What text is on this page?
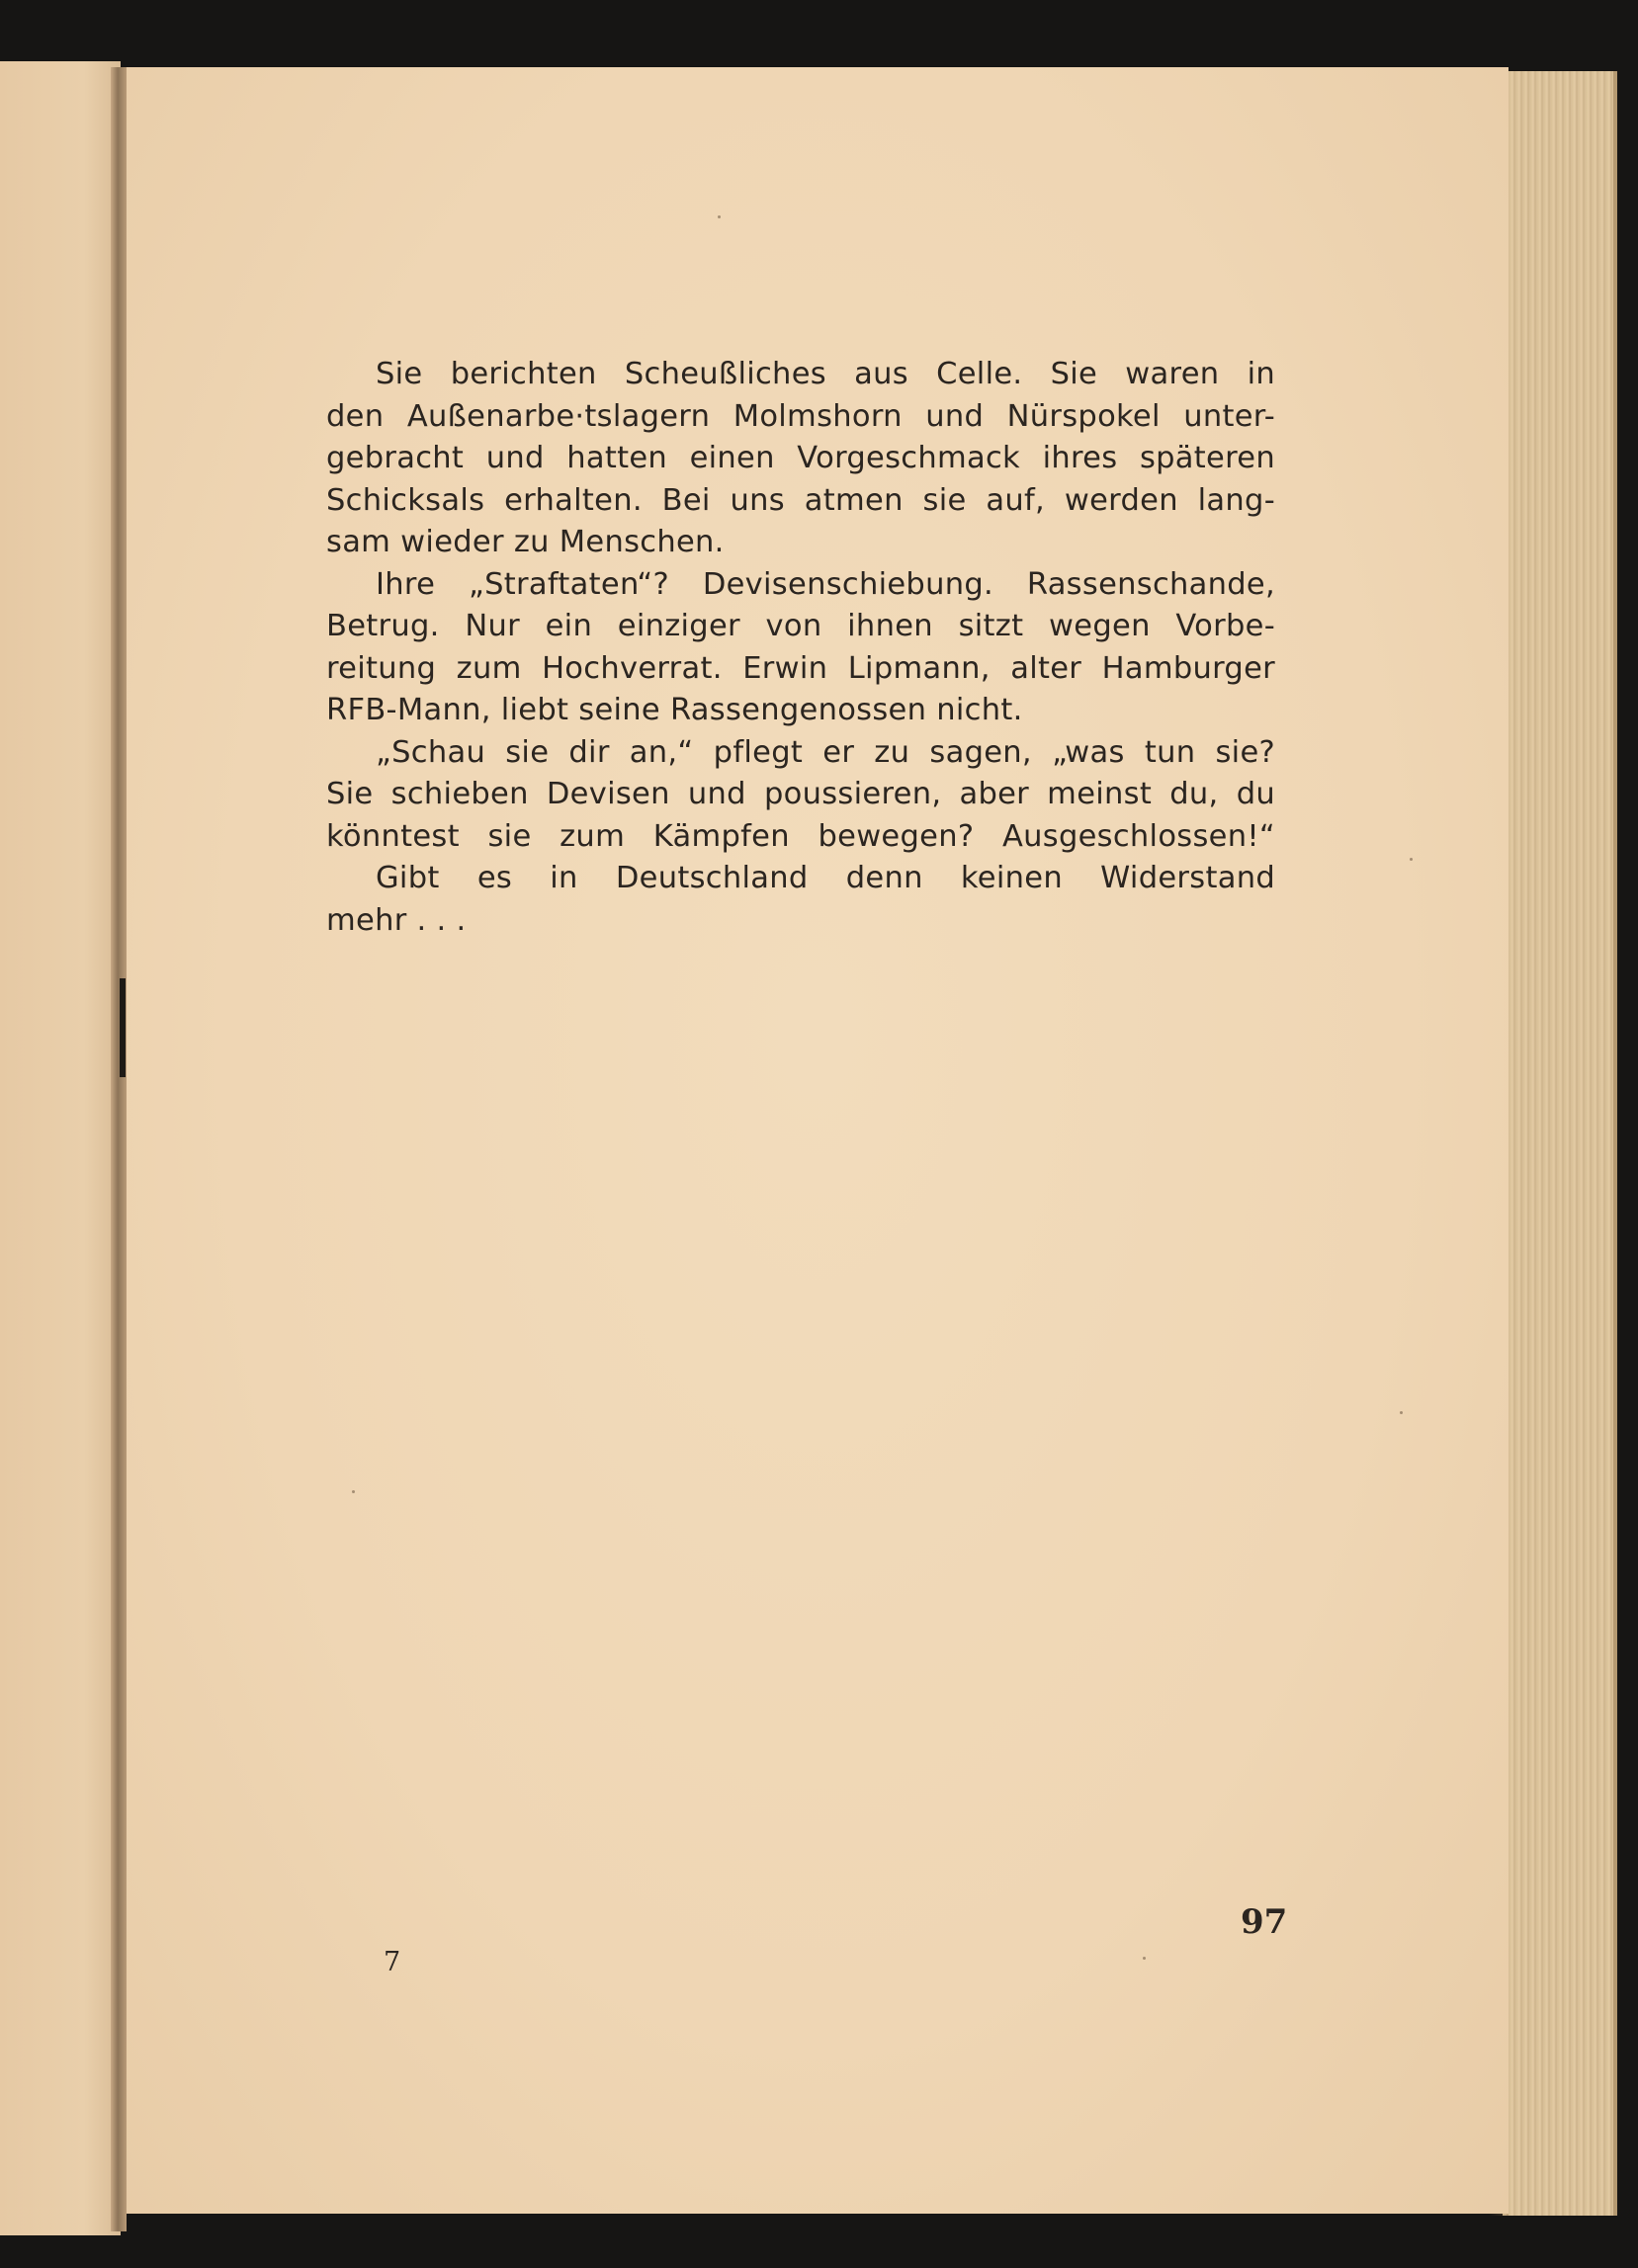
Sie berichten Scheußliches aus Celle. Sie waren in
den Außenarbe·tslagern Molmshorn und Nürspokel unter-
gebracht und hatten einen Vorgeschmack ihres späteren
Schicksals erhalten. Bei uns atmen sie auf, werden lang-
sam wieder zu Menschen.
Ihre „Straftaten“? Devisenschiebung. Rassenschande,
Betrug. Nur ein einziger von ihnen sitzt wegen Vorbe-
reitung zum Hochverrat. Erwin Lipmann, alter Hamburger
RFB-Mann, liebt seine Rassengenossen nicht.
„Schau sie dir an,“ pflegt er zu sagen, „was tun sie?
Sie schieben Devisen und poussieren, aber meinst du, du
könntest sie zum Kämpfen bewegen? Ausgeschlossen!“
Gibt es in Deutschland denn keinen Widerstand
mehr . . .
97
7
